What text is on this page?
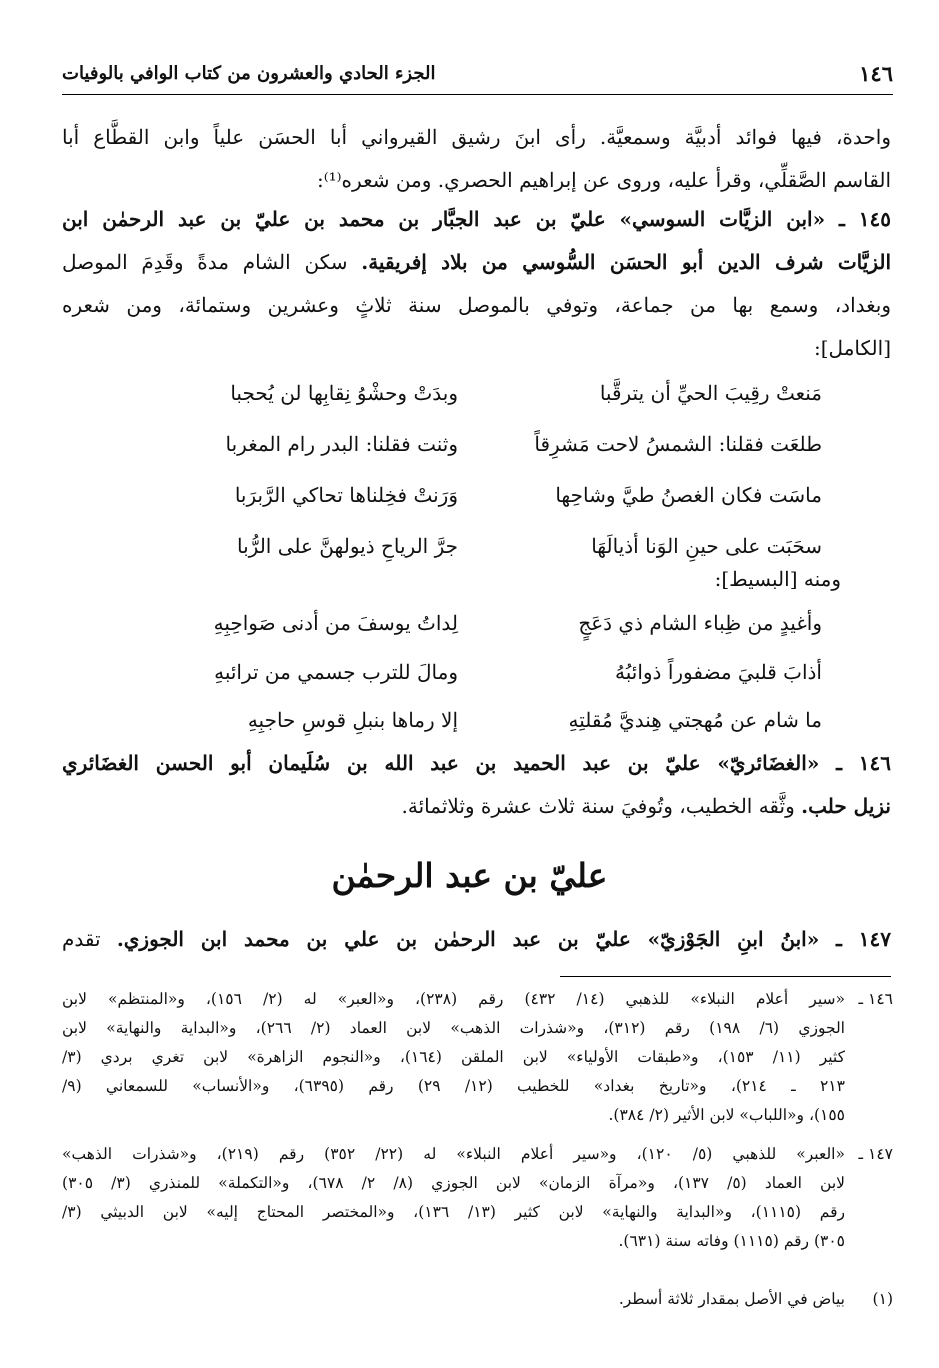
١٤٦
الجزء الحادي والعشرون من كتاب الوافي بالوفيات
واحدة، فيها فوائد أدبيَّة وسمعيَّة. رأى ابنَ رشيق القيرواني أبا الحسَن علياً وابن القطَّاع أبا
القاسم الصَّقلِّي، وقرأ عليه، وروى عن إبراهيم الحصري. ومن شعره⁽¹⁾:
١٤٥ ـ «ابن الزيَّات السوسي» عليّ بن عبد الجبَّار بن محمد بن عليّ بن عبد الرحمٰن ابن
الزيَّات شرف الدين أبو الحسَن السُّوسي من بلاد إفريقية. سكن الشام مدةً وقَدِمَ الموصل
وبغداد، وسمع بها من جماعة، وتوفي بالموصل سنة ثلاثٍ وعشرين وستمائة، ومن شعره
[الكامل]:
مَنعتْ رقِيبَ الحيِّ أن يترقَّبا
وبدَتْ وحشْوُ نِقابِها لن يُحجبا
طلعَت فقلنا: الشمسُ لاحت مَشرِقاً
وثنت فقلنا: البدر رام المغربا
ماسَت فكان الغصنُ طيَّ وشاحِها
وَرَنتْ فخِلناها تحاكي الرَّبرَبا
سحَبَت على حينِ الوَنا أذيالَهَا
جرَّ الرياحِ ذيولهنَّ على الرُّبا
ومنه [البسيط]:
وأغيدٍ من ظِباء الشام ذي دَعَجٍ
لِداتُ يوسفَ من أدنى صَواحِبِهِ
أذابَ قلبيَ مضفوراً ذوائبُهُ
ومالَ للترب جسمي من ترائبهِ
ما شام عن مُهجتي هِنديَّ مُقلتِهِ
إلا رماها بنبلِ قوسِ حاجبِهِ
١٤٦ ـ «الغضَائريّ» عليّ بن عبد الحميد بن عبد الله بن سُلَيمان أبو الحسن الغضَائري
نزيل حلب. وثَّقه الخطيب، وتُوفيَ سنة ثلاث عشرة وثلاثمائة.
عليّ بن عبد الرحمٰن
١٤٧ ـ «ابنُ ابنِ الجَوْزيّ» عليّ بن عبد الرحمٰن بن علي بن محمد ابن الجوزي. تقدم
١٤٦ ـ
«سير أعلام النبلاء» للذهبي (١٤/ ٤٣٢) رقم (٢٣٨)، و«العبر» له (٢/ ١٥٦)، و«المنتظم» لابن
الجوزي (٦/ ١٩٨) رقم (٣١٢)، و«شذرات الذهب» لابن العماد (٢/ ٢٦٦)، و«البداية والنهاية» لابن
كثير (١١/ ١٥٣)، و«طبقات الأولياء» لابن الملقن (١٦٤)، و«النجوم الزاهرة» لابن تغري بردي (٣/
٢١٣ ـ ٢١٤)، و«تاريخ بغداد» للخطيب (١٢/ ٢٩) رقم (٦٣٩٥)، و«الأنساب» للسمعاني (٩/
١٥٥)، و«اللباب» لابن الأثير (٢/ ٣٨٤).
١٤٧ ـ
«العبر» للذهبي (٥/ ١٢٠)، و«سير أعلام النبلاء» له (٢٢/ ٣٥٢) رقم (٢١٩)، و«شذرات الذهب»
لابن العماد (٥/ ١٣٧)، و«مرآة الزمان» لابن الجوزي (٨/ ٢/ ٦٧٨)، و«التكملة» للمنذري (٣/ ٣٠٥)
رقم (١١١٥)، و«البداية والنهاية» لابن كثير (١٣/ ١٣٦)، و«المختصر المحتاج إليه» لابن الدبيثي (٣/
٣٠٥) رقم (١١١٥) وفاته سنة (٦٣١).
(١)
بياض في الأصل بمقدار ثلاثة أسطر.
